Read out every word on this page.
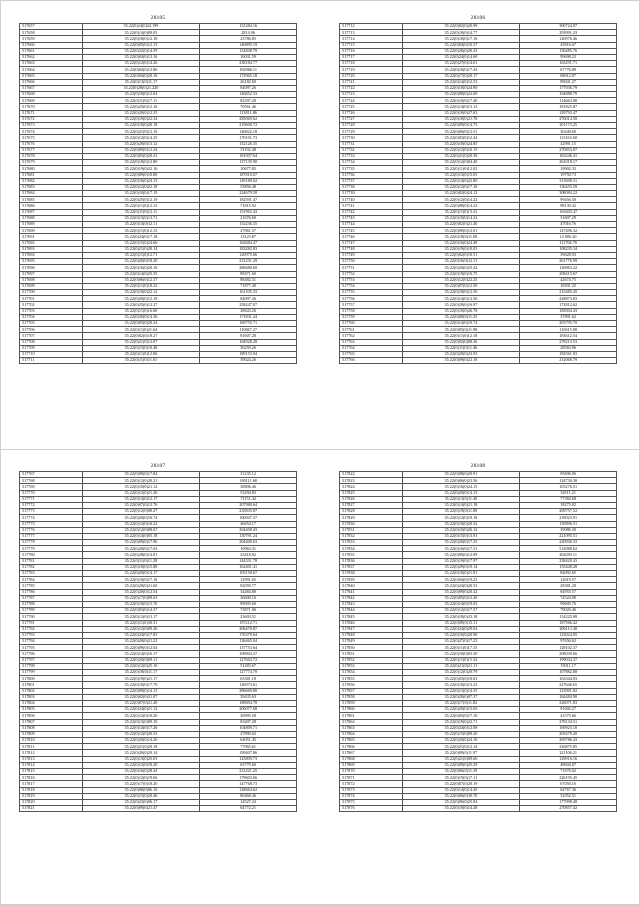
28105
517657	35.22(0)24(0)24.199	131284.16
517658	35.22(0)14(0)00.05	2814.06
517659	35.22(0)18(0)12.18	23786.85
517660	35.22(0)05(0)12.13	146895.19
517661	35.22(0)22(0)14.59	132848.79
517662	35.22(0)04(0)12.16	16031.59
517663	35.22(0)12(0)14.26	238184.77
517664	35.22(0)04(0)12.80	182066.11
517665	35.22(0)04(0)20.16	172965.18
517666	35.22(0)13(0)11.17	26182.60
517667	35.22(0)28(0)21.220	84097.26
517668	35.22(0)18(0)12.04	146852.33
517669	35.22(0)11(0)17.11	82397.28
517670	35.22(0)25(0)12.16	70561.46
517671	35.22(0)20(0)12.35	113811.86
517672	35.22(0)19(0)22.34	285069.62
517673	35.22(0)10(0)20.18	219600.72
517674	35.22(0)21(0)12.19	146822.18
517675	35.22(0)12(0)14.25	170101.73
517676	35.22(0)20(0)13.12	152126.35
517677	35.22(0)09(0)12.24	51192.48
517678	35.22(0)03(0)20.41	181007.64
517679	35.22(0)18(0)12.80	137135.90
517680	35.22(0)19(0)22.16	10677.85
517681	35.22(0)09(0)10.80	187810.07
517682	35.22(0)16(0)24.13	149180.62
517683	35.22(0)12(0)22.18	55856.48
517684	35.22(0)10(0)17.19	224679.58
517685	35.22(0)25(0)12.19	182591.47
517686	35.22(0)11(0)12.13	71815.92
517687	35.22(0)11(0)12.11	151963.43
517688	35.22(0)13(0)13.71	21676.60
517689	35.22(0)14(0)12.11	152236.35
517690	35.22(0)11(0)12.13	27961.57
517691	35.22(0)24(0)17.18	13123.87
517692	35.22(0)15(0)24.66	162684.47
517693	35.22(0)21(0)20.14	183282.83
517694	35.22(0)11(0)12.71	120975.66
517695	35.22(0)20(0)18.20	231231.29
517696	35.22(0)16(0)20.16	286680.60
517697	35.22(0)14(0)25.35	89471.60
517698	35.22(0)06(0)12.37	88482.31
517699	35.22(0)11(0)18.22	71877.40
517700	35.22(0)10(0)22.12	161105.33
517701	35.22(0)20(0)12.19	84097.26
517702	35.22(0)25(0)12.27	258247.07
517703	35.22(0)11(0)16.60	28643.26
517704	35.22(0)30(0)14.36	171831.24
517705	35.22(0)05(0)20.24	169755.71
517706	35.22(0)11(0)21.64	110847.27
517707	35.22(0)02(0)18.27	81607.28
517708	35.22(0)21(0)12.07	164928.28
517709	35.22(0)15(0)10.48	36259.26
517710	35.22(0)11(0)12.06	189153.94
517711	35.22(0)11(0)11.61	39024.26
28106
517712	35.22(0)02(0)20.99	300724.97
517713	35.22(0)10(0)14.77	293991.23
517714	35.22(0)10(0)17.16	120976.46
517715	35.22(0)04(0)10.37	45816.67
517716	35.22(0)26(0)20.23	136485.76
517717	35.22(0)24(0)14.60	99698.22
517718	35.22(0)27(0)14.61	163291.71
517719	35.22(0)16(0)17.43	67776.89
517720	35.22(0)17(0)20.17	68012.87
517721	35.22(0)14(0)12.53	89041.27
517722	35.22(0)10(0)24.90	177036.79
517723	35.22(0)08(0)22.69	164888.79
517724	35.22(0)10(0)17.40	114643.08
517725	35.22(0)14(0)13.13	181825.87
517726	35.22(0)10(0)27.63	129793.47
517727	35.22(0)10(0)21.78	276014.50
517728	35.22(0)09(0)14.75	201173.25
517729	35.22(0)06(0)12.51	30440.60
517730	35.22(0)03(0)12.44	113163.60
517731	35.22(0)10(0)24.85	42991.15
517732	35.22(0)12(0)10.15	270853.87
517733	35.22(0)21(0)20.38	163246.41
517734	35.22(0)12(0)04.40	261018.17
517735	35.22(0)11(0)12.02	19902.33
517736	35.22(0)13(0)15.03	19750.73
517737	35.22(0)14(0)22.80	313698.31
517738	35.22(0)12(0)17.10	136455.59
517739	35.22(0)02(0)24.12	308084.22
517740	35.22(0)12(0)14.22	99456.50
517741	35.22(0)08(0)14.22	98139.42
517742	35.22(0)11(0)13.41	163403.47
517743	35.22(0)10(0)14.22	31607.29
517744	35.22(0)02(0)21.40	47016.76
517745	35.22(0)09(0)12.01	127496.32
517746	35.22(0)18(0)11.08	12 006.20
517747	35.22(0)16(0)24.48	111704.78
517748	35.22(0)19(0)10.03	108235.34
517749	35.22(0)02(0)10.51	39628.93
517750	35.22(0)16(0)12.11	261776.99
517751	35.22(0)20(0)25.42	136963.22
517752	35.22(0)19(0)16.75	208415.67
517753	35.22(0)12(0)22.25	42674.75
517754	35.22(0)07(0)12.50	16591.25
517755	35.22(0)18(0)12.50	215483.45
517756	35.22(0)14(0)12.50	228873.83
517757	35.22(0)20(0)16.97	172812.62
517758	35.22(0)10(0)26.78	185004.43
517759	35.22(0)08(0)11.25	37891.62
517760	35.22(0)14(0)10.74	203795.70
517761	35.22(0)05(0)11.98	110615.08
517762	35.22(0)11(0)12.18	183612.54
517763	35.22(0)02(0)08.36	278213.53
517764	35.22(0)11(0)11.46	28563.96
517765	35.22(0)20(0)23.93	182561.03
517766	35.22(0)09(0)22.18	212068.79
28107
517767	35.22(0)09(0)17.84	31235.12
517768	35.22(0)12(0)20.21	180111.68
517769	35.22(0)10(0)21.12	38806.46
517770	35.22(0)12(0)21.26	53294.83
517771	35.22(0)14(0)12.17	71151.42
517772	35.22(0)07(0)12.76	207980.64
517773	35.22(0)12(0)08.27	235835.87
517774	35.22(0)20(0)16.74	100947.37
517775	35.22(0)12(0)16.22	46654.17
517776	35.22(0)12(0)08.67	204400.43
517777	35.22(0)14(0)05.18	130791.24
517778	35.22(0)09(0)17.96	204400.63
517779	35.22(0)20(0)17.63	10963.31
517780	35.22(0)28(0)14.81	23418.82
517781	35.22(0)11(0)11.28	144331.78
517782	35.22(0)10(0)15.88	162401.41
517783	35.22(0)20(0)14.17	105150.67
517784	35.22(0)10(0)17.18	12991.65
517785	35.22(0)20(0)21.60	82059.77
517786	35.22(0)20(0)12.54	34484.80
517787	35.22(0)17(0)09.63	36600.16
517788	35.22(0)10(0)15.76	89005.60
517789	35.22(0)03(0)14.37	73871.06
517790	35.22(0)12(0)13.17	23603.51
517791	35.22(0)11(0)30.31	197212.71
517792	35.22(0)12(0)09.26	206470.87
517793	35.22(0)24(0)17.83	176379.64
517794	35.22(0)20(0)21.22	136465.04
517795	35.22(0)09(0)12.04	137753.64
517796	35.22(0)14(0)16.17	109904.37
517797	35.22(0)20(0)09.11	127663.72
517798	35.22(0)12(0)25.10	51283.67
517799	35.22(0)18(0)11.17	127774.70
517800	35.22(0)19(0)21.17	63381.18
517801	35.22(0)10(0)17.79	126973.61
517802	35.22(0)09(0)14.13	286669.80
517803	35.22(0)02(0)31.07	39435.63
517804	35.22(0)07(0)21.40	189694.78
517805	35.22(0)24(0)21.12	206077.68
517806	35.22(0)12(0)10.20	30995.58
517807	35.22(0)13(0)09.10	83407.28
517808	35.22(0)14(0)17.26	104809.71
517809	35.22(0)12(0)20.53	27890.63
517810	35.22(0)20(0)14.26	64051.45
517811	35.22(0)21(0)20.18	77965.61
517812	35.22(0)20(0)20.14	199407.86
517813	35.22(0)13(0)25.03	125809.73
517814	35.22(0)12(0)18.20	63779.60
517815	35.22(0)16(0)28.44	231421.25
517816	35.22(0)12(0)19.66	179603.66
517817	35.22(0)17(0)18.20	147768.73
517818	35.22(0)08(0)06.10	128664.62
517819	35.22(0)15(0)20.46	80468.46
517820	35.22(0)23(0)06.17	14527.24
517821	35.22(0)09(0)21.47	64772.21
28108
517822	35.22(0)08(0)20.91	95696.06
517823	35.22(0)06(0)23.56	124730.30
517824	35.22(0)16(0)24.15	103276.51
517825	35.22(0)20(0)14.13	34511.21
517826	35.22(0)13(0)11.40	77384.68
517827	35.22(0)14(0)21.18	18275.82
517828	35.22(0)19(0)11.80	269757.52
517829	35.22(0)12(0)19.18	218023.91
517830	35.22(0)10(0)20.32	150896.51
517831	35.22(0)10(0)26.12	39086.30
517832	35.22(0)15(0)13.91	221095.51
517833	35.22(0)20(0)17.25	220936.33
517834	35.22(0)16(0)17.51	514988.62
517835	35.22(0)09(0)12.99	204293.11
517836	35.22(0)19(0)17.97	238420.43
517837	35.22(0)29(0)19.14	155448.28
517838	35.22(0)10(0)21.81	84092.65
517839	35.22(0)04(0)19.23	12019.57
517840	35.22(0)24(0)20.53	28381.20
517841	35.22(0)09(0)20.42	84955.57
517842	35.22(0)05(0)12.20	74524.00
517843	35.22(0)14(0)19.03	99605.76
517844	35.22(0)12(0)17.57	79020.46
517845	35.22(0)18(0)23.18	154225.08
517846	35.22(0)09(0)15.11	187566.42
517847	35.22(0)24(0)29.04	206113.40
517848	35.22(0)16(0)20.96	123024.05
517849	35.22(0)27(0)17.23	97656.62
517850	35.22(0)11(0)17.15	128102.37
517851	35.22(0)10(0)03.50	208039.66
517852	35.22(0)11(0)15.32	199034.37
517853	35.22(0)21(0)21.11	15011.17
517854	35.22(0)12(0)20.79	107882.88
517855	35.22(0)03(0)10.03	163344.03
517856	35.22(0)10(0)13.22	227646.65
517857	35.22(0)13(0)14.55	123991.82
517858	35.22(0)20(0)07.37	164484.98
517859	35.22(0)17(0)11.82	226071.83
517860	35.22(0)20(0)15.65	91602.27
517861	35.22(0)05(0)17.10	41575.66
517862	35.22(0)19(0)22.71	278134.51
517863	35.22(0)24(0)12.08	169923.10
517864	35.22(0)15(0)09.20	205479.20
517865	35.22(0)20(0)24.10	269786.43
517866	35.22(0)21(0)12.14	226875.85
517867	35.22(0)09(0)11.97	221106.21
517868	35.22(0)21(0)09.66	129916.16
517869	35.22(0)09(0)25.29	48604.07
517870	35.22(0)06(0)11.29	71676.02
517871	35.22(0)19(0)17.11	226195.45
517872	35.22(0)07(0)20.19	67050.16
517873	35.22(0)14(0)14.20	64767.36
517874	35.22(0)06(0)30.70	31052.51
517875	35.22(0)06(0)25.84	177098.48
517876	35.22(0)10(0)14.28	270857.42
